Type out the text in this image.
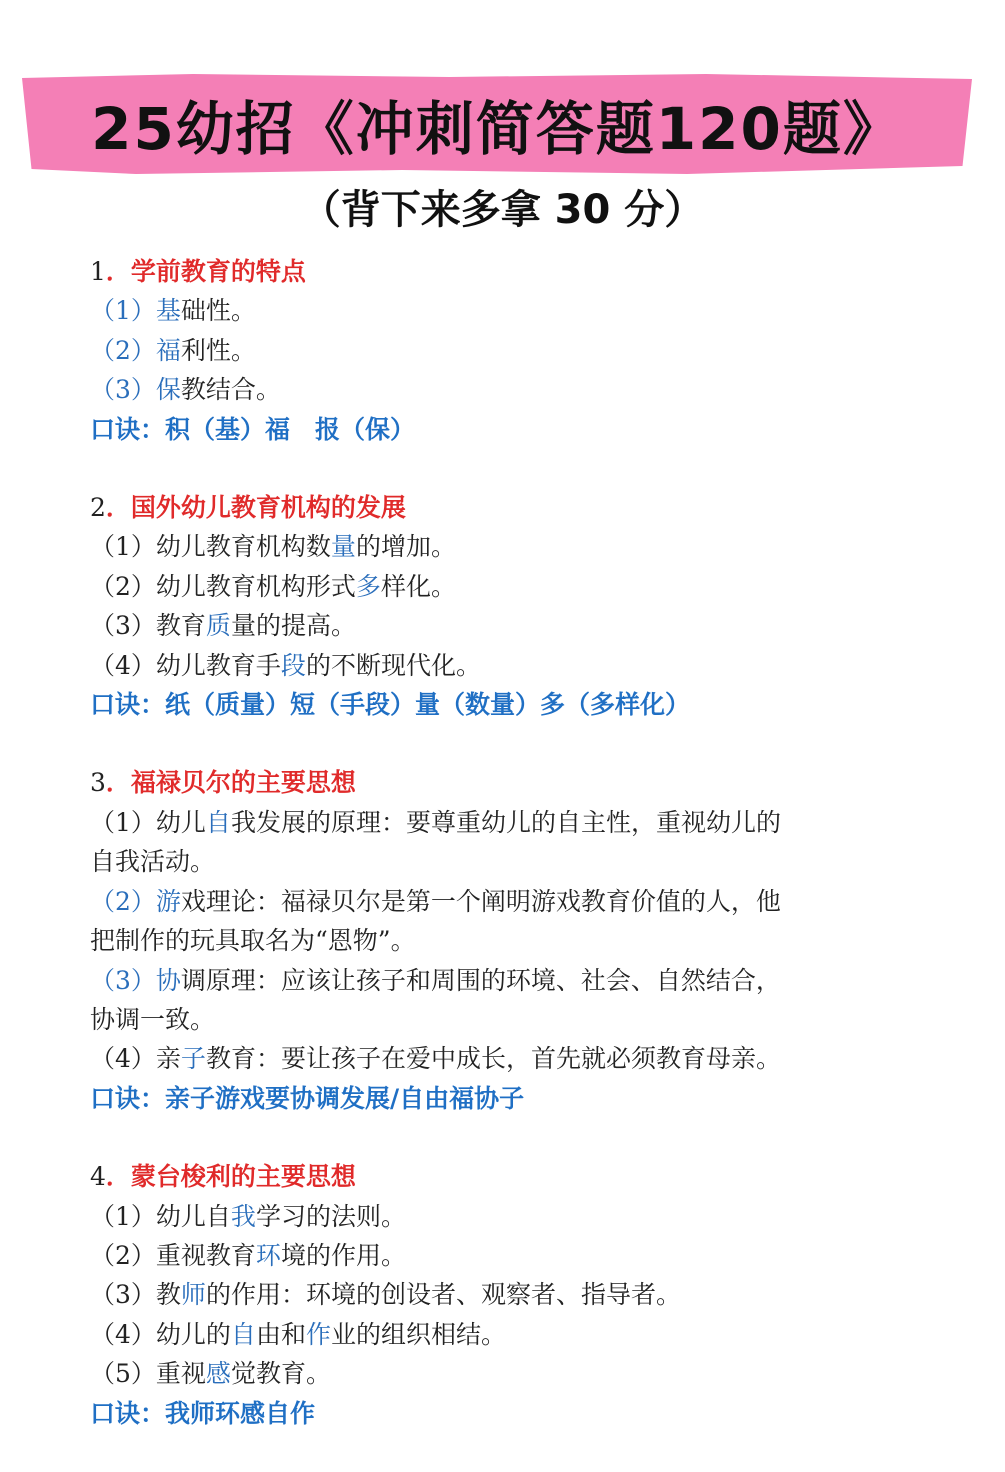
25幼招《冲刺简答题120题》
（背下来多拿 30 分）
1．学前教育的特点
（1）基础性。
（2）福利性。
（3）保教结合。
口诀：积（基）福　报（保）
2．国外幼儿教育机构的发展
（1）幼儿教育机构数量的增加。
（2）幼儿教育机构形式多样化。
（3）教育质量的提高。
（4）幼儿教育手段的不断现代化。
口诀：纸（质量）短（手段）量（数量）多（多样化）
3．福禄贝尔的主要思想
（1）幼儿自我发展的原理：要尊重幼儿的自主性，重视幼儿的
自我活动。
（2）游戏理论：福禄贝尔是第一个阐明游戏教育价值的人，他
把制作的玩具取名为“恩物”。
（3）协调原理：应该让孩子和周围的环境、社会、自然结合，
协调一致。
（4）亲子教育：要让孩子在爱中成长，首先就必须教育母亲。
口诀：亲子游戏要协调发展/自由福协子
4．蒙台梭利的主要思想
（1）幼儿自我学习的法则。
（2）重视教育环境的作用。
（3）教师的作用：环境的创设者、观察者、指导者。
（4）幼儿的自由和作业的组织相结。
（5）重视感觉教育。
口诀：我师环感自作
